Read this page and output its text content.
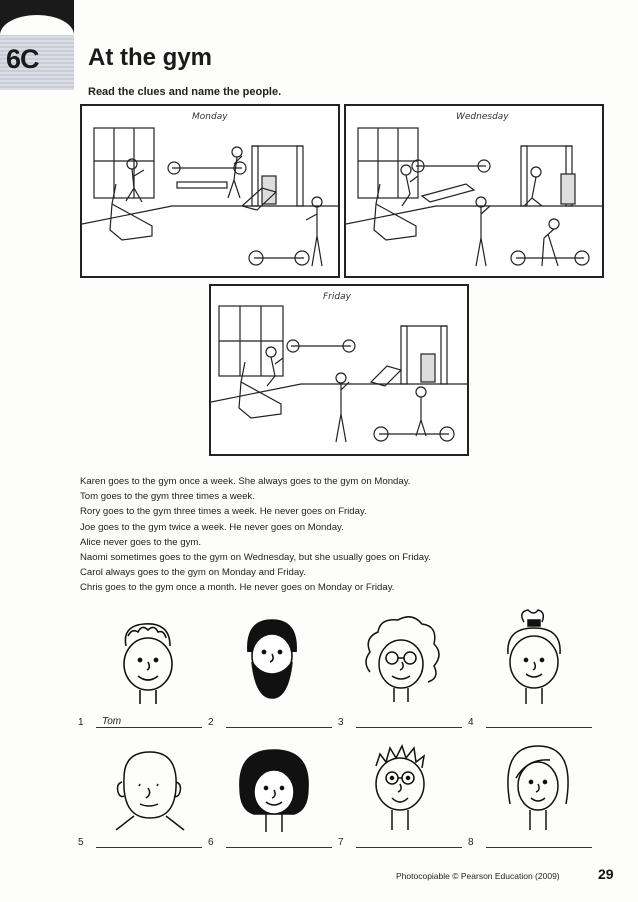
6C At the gym
Read the clues and name the people.
Monday	Wednesday
Friday
Karen goes to the gym once a week. She always goes to the gym on Monday.
Tom goes to the gym three times a week.
Rory goes to the gym three times a week. He never goes on Friday.
Joe goes to the gym twice a week. He never goes on Monday.
Alice never goes to the gym.
Naomi sometimes goes to the gym on Wednesday, but she usually goes on Friday.
Carol always goes to the gym on Monday and Friday.
Chris goes to the gym once a month. He never goes on Monday or Friday.
1	Tom	2	3	4
5	6	7	8
Photocopiable © Pearson Education (2009)	29
